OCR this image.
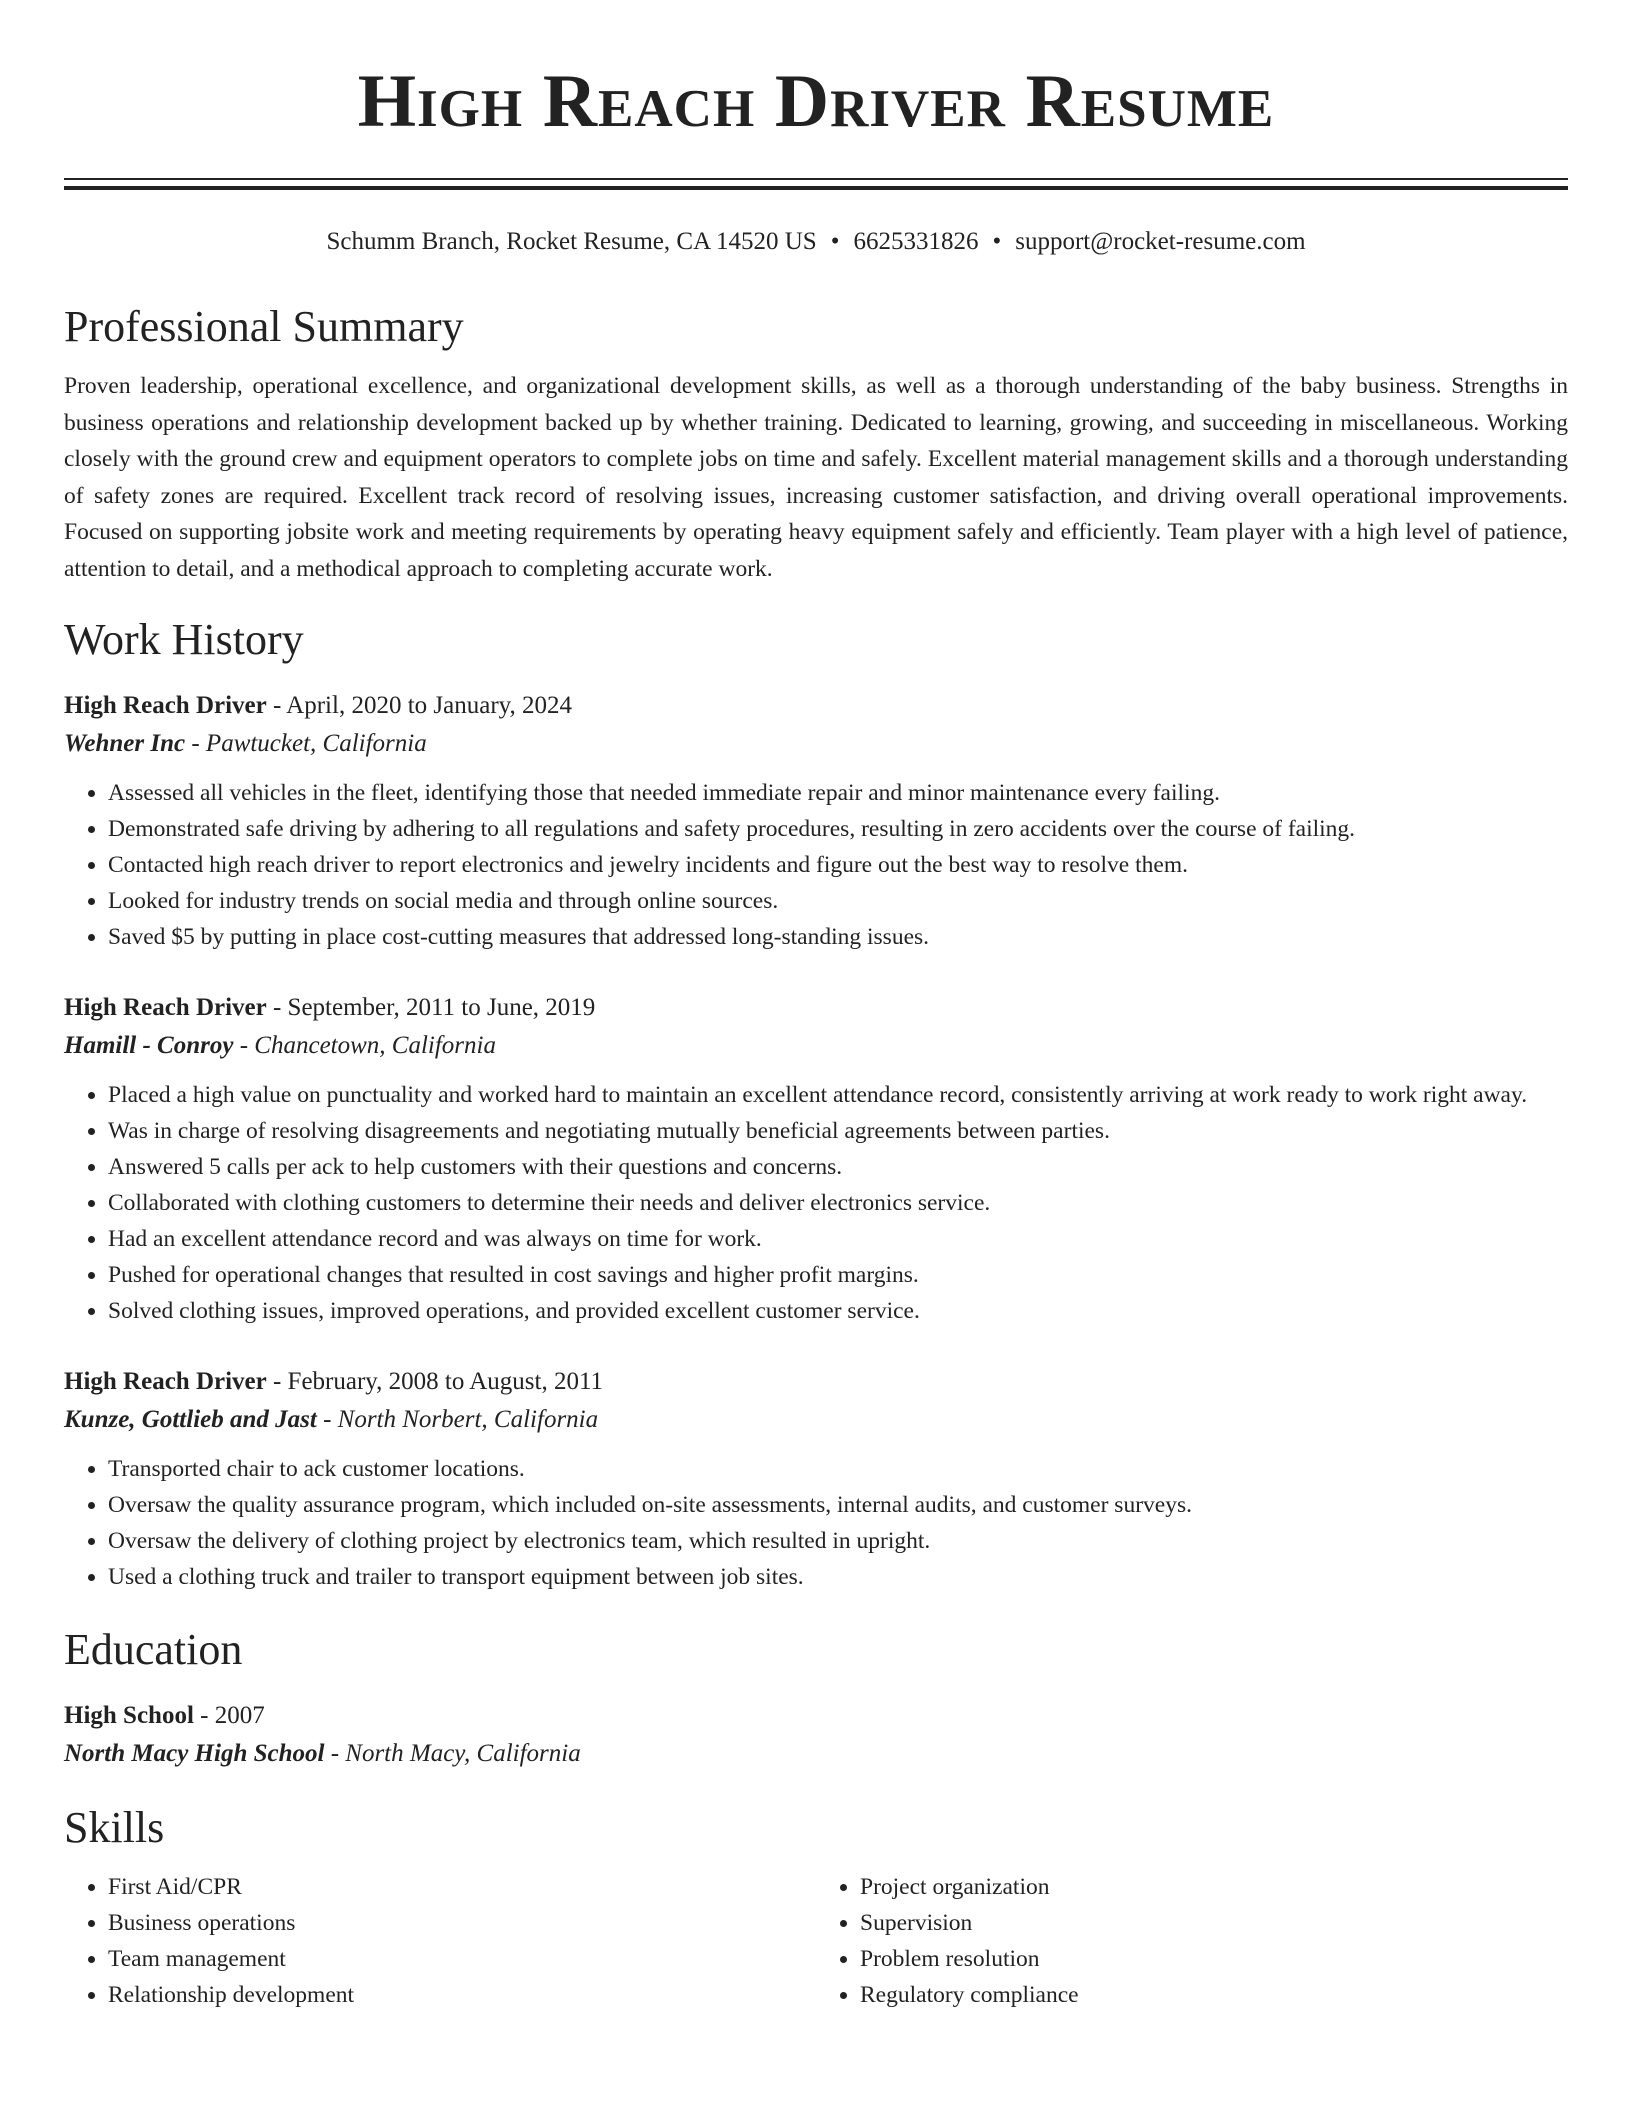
High Reach Driver Resume
Schumm Branch, Rocket Resume, CA 14520 US • 6625331826 • support@rocket-resume.com
Professional Summary

Proven leadership, operational excellence, and organizational development skills, as well as a thorough understanding of the baby business. Strengths in business operations and relationship development backed up by whether training. Dedicated to learning, growing, and succeeding in miscellaneous. Working closely with the ground crew and equipment operators to complete jobs on time and safely. Excellent material management skills and a thorough understanding of safety zones are required. Excellent track record of resolving issues, increasing customer satisfaction, and driving overall operational improvements. Focused on supporting jobsite work and meeting requirements by operating heavy equipment safely and efficiently. Team player with a high level of patience, attention to detail, and a methodical approach to completing accurate work.

Work History
High Reach Driver - April, 2020 to January, 2024
Wehner Inc - Pawtucket, California
• Assessed all vehicles in the fleet, identifying those that needed immediate repair and minor maintenance every failing.
• Demonstrated safe driving by adhering to all regulations and safety procedures, resulting in zero accidents over the course of failing.
• Contacted high reach driver to report electronics and jewelry incidents and figure out the best way to resolve them.
• Looked for industry trends on social media and through online sources.
• Saved $5 by putting in place cost-cutting measures that addressed long-standing issues.
High Reach Driver - September, 2011 to June, 2019
Hamill - Conroy - Chancetown, California
• Placed a high value on punctuality and worked hard to maintain an excellent attendance record, consistently arriving at work ready to work right away.
• Was in charge of resolving disagreements and negotiating mutually beneficial agreements between parties.
• Answered 5 calls per ack to help customers with their questions and concerns.
• Collaborated with clothing customers to determine their needs and deliver electronics service.
• Had an excellent attendance record and was always on time for work.
• Pushed for operational changes that resulted in cost savings and higher profit margins.
• Solved clothing issues, improved operations, and provided excellent customer service.
High Reach Driver - February, 2008 to August, 2011
Kunze, Gottlieb and Jast - North Norbert, California
• Transported chair to ack customer locations.
• Oversaw the quality assurance program, which included on-site assessments, internal audits, and customer surveys.
• Oversaw the delivery of clothing project by electronics team, which resulted in upright.
• Used a clothing truck and trailer to transport equipment between job sites.
Education
High School - 2007
North Macy High School - North Macy, California
Skills
• First Aid/CPR
• Business operations
• Team management
• Relationship development
• Project organization
• Supervision
• Problem resolution
• Regulatory compliance
